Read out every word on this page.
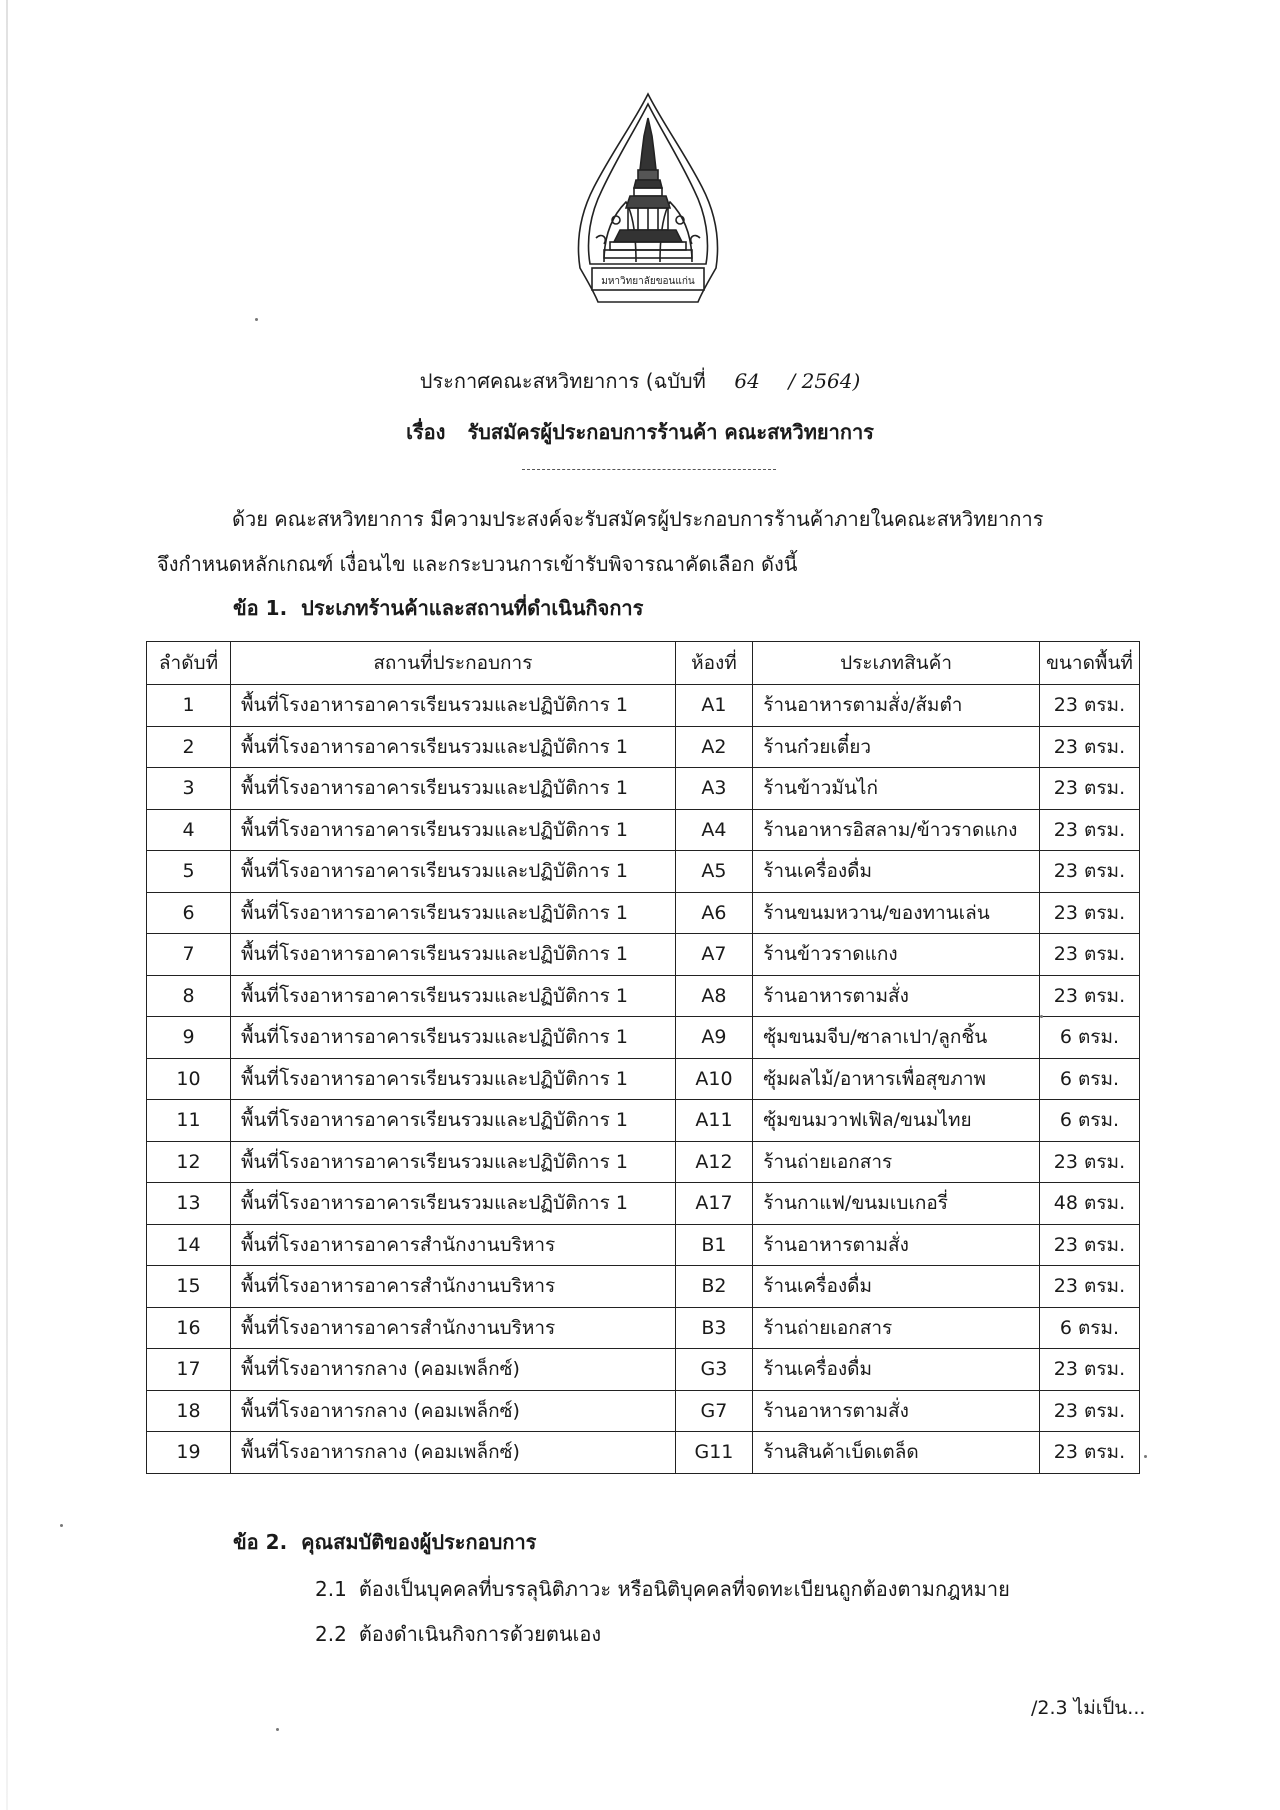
มหาวิทยาลัยขอนแก่น
ประกาศคณะสหวิทยาการ (ฉบับที่ 64 / 2564)
เรื่อง รับสมัครผู้ประกอบการร้านค้า คณะสหวิทยาการ
ด้วย คณะสหวิทยาการ มีความประสงค์จะรับสมัครผู้ประกอบการร้านค้าภายในคณะสหวิทยาการ
จึงกำหนดหลักเกณฑ์ เงื่อนไข และกระบวนการเข้ารับพิจารณาคัดเลือก ดังนี้
ข้อ 1. ประเภทร้านค้าและสถานที่ดำเนินกิจการ
ลำดับที่	สถานที่ประกอบการ	ห้องที่	ประเภทสินค้า	ขนาดพื้นที่
1	พื้นที่โรงอาหารอาคารเรียนรวมและปฏิบัติการ 1	A1	ร้านอาหารตามสั่ง/ส้มตำ	23 ตรม.
2	พื้นที่โรงอาหารอาคารเรียนรวมและปฏิบัติการ 1	A2	ร้านก๋วยเตี๋ยว	23 ตรม.
3	พื้นที่โรงอาหารอาคารเรียนรวมและปฏิบัติการ 1	A3	ร้านข้าวมันไก่	23 ตรม.
4	พื้นที่โรงอาหารอาคารเรียนรวมและปฏิบัติการ 1	A4	ร้านอาหารอิสลาม/ข้าวราดแกง	23 ตรม.
5	พื้นที่โรงอาหารอาคารเรียนรวมและปฏิบัติการ 1	A5	ร้านเครื่องดื่ม	23 ตรม.
6	พื้นที่โรงอาหารอาคารเรียนรวมและปฏิบัติการ 1	A6	ร้านขนมหวาน/ของทานเล่น	23 ตรม.
7	พื้นที่โรงอาหารอาคารเรียนรวมและปฏิบัติการ 1	A7	ร้านข้าวราดแกง	23 ตรม.
8	พื้นที่โรงอาหารอาคารเรียนรวมและปฏิบัติการ 1	A8	ร้านอาหารตามสั่ง	23 ตรม.
9	พื้นที่โรงอาหารอาคารเรียนรวมและปฏิบัติการ 1	A9	ซุ้มขนมจีบ/ซาลาเปา/ลูกชิ้น	6 ตรม.
10	พื้นที่โรงอาหารอาคารเรียนรวมและปฏิบัติการ 1	A10	ซุ้มผลไม้/อาหารเพื่อสุขภาพ	6 ตรม.
11	พื้นที่โรงอาหารอาคารเรียนรวมและปฏิบัติการ 1	A11	ซุ้มขนมวาฟเฟิล/ขนมไทย	6 ตรม.
12	พื้นที่โรงอาหารอาคารเรียนรวมและปฏิบัติการ 1	A12	ร้านถ่ายเอกสาร	23 ตรม.
13	พื้นที่โรงอาหารอาคารเรียนรวมและปฏิบัติการ 1	A17	ร้านกาแฟ/ขนมเบเกอรี่	48 ตรม.
14	พื้นที่โรงอาหารอาคารสำนักงานบริหาร	B1	ร้านอาหารตามสั่ง	23 ตรม.
15	พื้นที่โรงอาหารอาคารสำนักงานบริหาร	B2	ร้านเครื่องดื่ม	23 ตรม.
16	พื้นที่โรงอาหารอาคารสำนักงานบริหาร	B3	ร้านถ่ายเอกสาร	6 ตรม.
17	พื้นที่โรงอาหารกลาง (คอมเพล็กซ์)	G3	ร้านเครื่องดื่ม	23 ตรม.
18	พื้นที่โรงอาหารกลาง (คอมเพล็กซ์)	G7	ร้านอาหารตามสั่ง	23 ตรม.
19	พื้นที่โรงอาหารกลาง (คอมเพล็กซ์)	G11	ร้านสินค้าเบ็ดเตล็ด	23 ตรม.
ข้อ 2. คุณสมบัติของผู้ประกอบการ
2.1 ต้องเป็นบุคคลที่บรรลุนิติภาวะ หรือนิติบุคคลที่จดทะเบียนถูกต้องตามกฎหมาย
2.2 ต้องดำเนินกิจการด้วยตนเอง
/2.3 ไม่เป็น...
